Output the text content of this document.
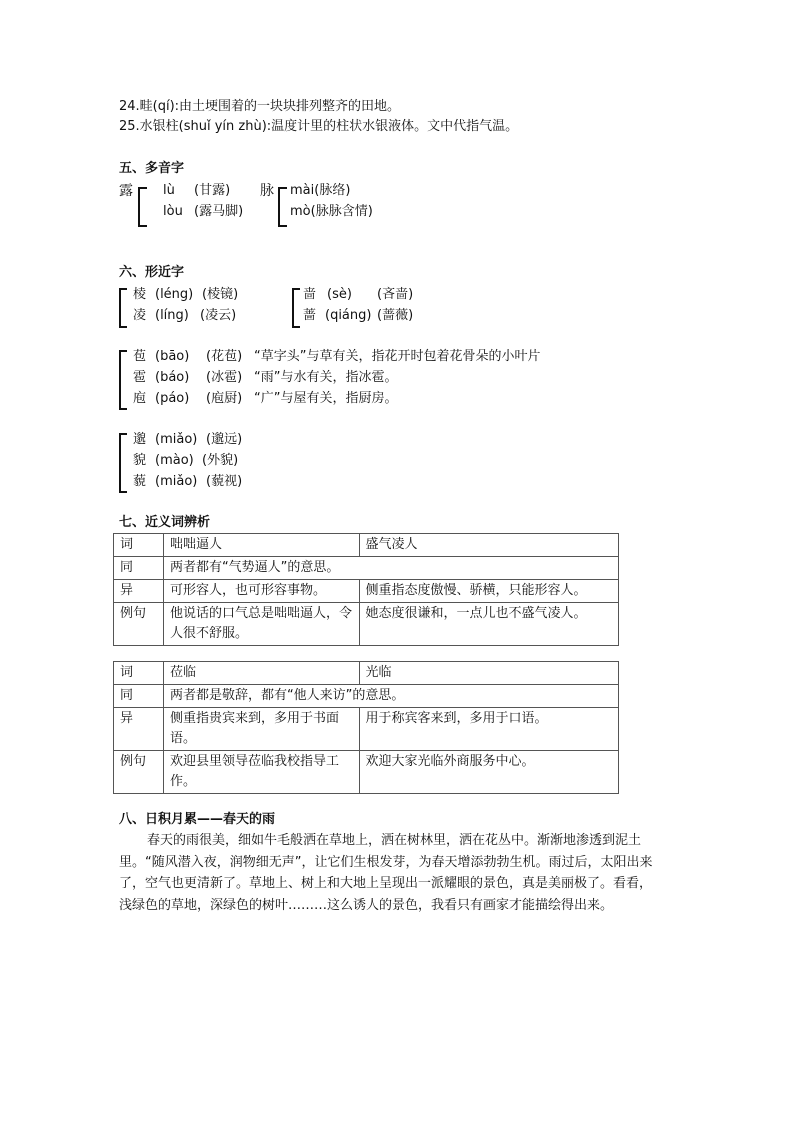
24.畦(qí):由土埂围着的一块块排列整齐的田地。
25.水银柱(shuǐ yín zhù):温度计里的柱状水银液体。文中代指气温。
五、多音字
露 lù (甘露)
lòu (露马脚)
脉 mài(脉络)
mò(脉脉含情)
六、形近字
棱 (léng) (棱镜)
凌 (líng) (凌云)
啬 (sè) (吝啬)
蔷 (qiáng) (蔷薇)
苞 (bāo) (花苞) “草字头”与草有关，指花开时包着花骨朵的小叶片
雹 (báo) (冰雹) “雨”与水有关，指冰雹。
庖 (páo) (庖厨) “广”与屋有关，指厨房。
邈 (miǎo) (邈远)
貌 (mào) (外貌)
藐 (miǎo) (藐视)
七、近义词辨析
词	咄咄逼人	盛气凌人
同	两者都有“气势逼人”的意思。	
异	可形容人，也可形容事物。	侧重指态度傲慢、骄横，只能形容人。
例句	他说话的口气总是咄咄逼人，令人很不舒服。	她态度很谦和，一点儿也不盛气凌人。
词	莅临	光临
同	两者都是敬辞，都有“他人来访”的意思。	
异	侧重指贵宾来到，多用于书面语。	用于称宾客来到，多用于口语。
例句	欢迎县里领导莅临我校指导工作。	欢迎大家光临外商服务中心。
八、日积月累——春天的雨
春天的雨很美，细如牛毛般洒在草地上，洒在树林里，洒在花丛中。渐渐地渗透到泥土里。“随风潜入夜，润物细无声”，让它们生根发芽，为春天增添勃勃生机。雨过后，太阳出来了，空气也更清新了。草地上、树上和大地上呈现出一派耀眼的景色，真是美丽极了。看看，浅绿色的草地，深绿色的树叶………这么诱人的景色，我看只有画家才能描绘得出来。
